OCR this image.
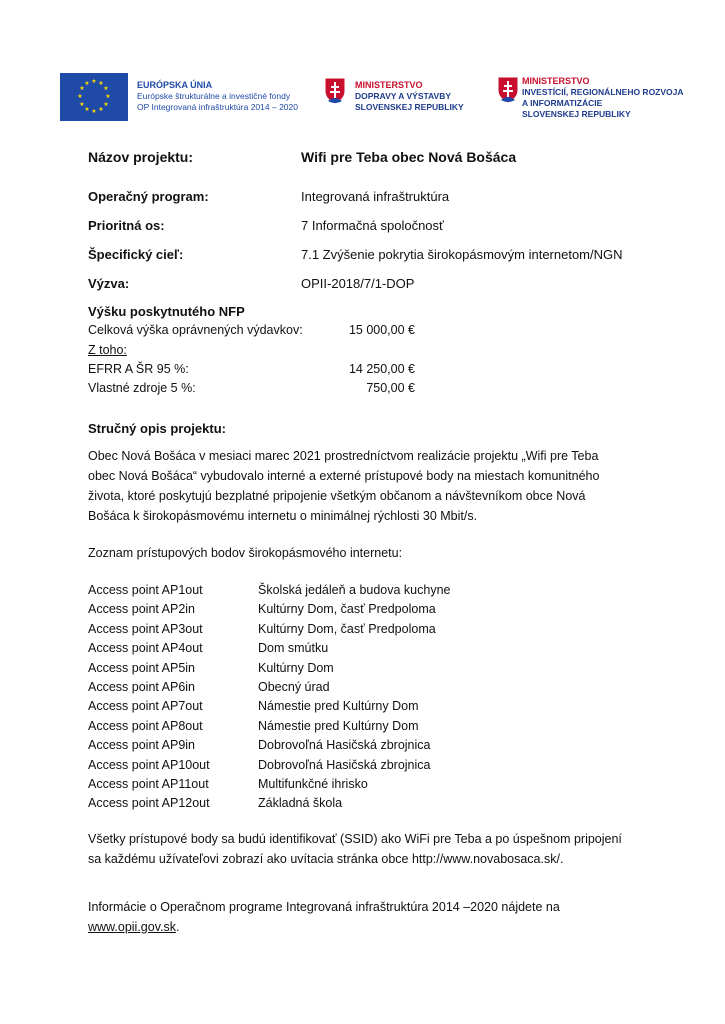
★ ★
★
★
★
★
★
★
★
★
★
★	EURÓPSKA ÚNIA
Európske štrukturálne a investičné fondy
OP Integrovaná infraštruktúra 2014 – 2020
MINISTERSTVO
DOPRAVY A VÝSTAVBY
SLOVENSKEJ REPUBLIKY
MINISTERSTVO
INVESTÍCIÍ, REGIONÁLNEHO ROZVOJA
A INFORMATIZÁCIE
SLOVENSKEJ REPUBLIKY
Názov projektu:	Wifi pre Teba obec Nová Bošáca
Operačný program:	Integrovaná infraštruktúra
Prioritná os:	7 Informačná spoločnosť
Špecifický cieľ:	7.1 Zvýšenie pokrytia širokopásmovým internetom/NGN
Výzva:	OPII-2018/7/1-DOP
Výšku poskytnutého NFP
Celková výška oprávnených výdavkov:	15 000,00 €
Z toho:
EFRR A ŠR 95 %:	14 250,00 €
Vlastné zdroje 5 %:	750,00 €
Stručný opis projektu:
Obec Nová Bošáca v mesiaci marec 2021 prostredníctvom realizácie projektu „Wifi pre Teba
obec Nová Bošáca“ vybudovalo interné a externé prístupové body na miestach komunitného
života, ktoré poskytujú bezplatné pripojenie všetkým občanom a návštevníkom obce Nová
Bošáca k širokopásmovému internetu o minimálnej rýchlosti 30 Mbit/s.
Zoznam prístupových bodov širokopásmového internetu:
Access point AP1out	Školská jedáleň a budova kuchyne
Access point AP2in	Kultúrny Dom, časť Predpoloma
Access point AP3out	Kultúrny Dom, časť Predpoloma
Access point AP4out	Dom smútku
Access point AP5in	Kultúrny Dom
Access point AP6in	Obecný úrad
Access point AP7out	Námestie pred Kultúrny Dom
Access point AP8out	Námestie pred Kultúrny Dom
Access point AP9in	Dobrovoľná Hasičská zbrojnica
Access point AP10out	Dobrovoľná Hasičská zbrojnica
Access point AP11out	Multifunkčné ihrisko
Access point AP12out	Základná škola
Všetky prístupové body sa budú identifikovať (SSID) ako WiFi pre Teba a po úspešnom pripojení
sa každému užívateľovi zobrazí ako uvítacia stránka obce http://www.novabosaca.sk/.
Informácie o Operačnom programe Integrovaná infraštruktúra 2014 –2020 nájdete na
www.opii.gov.sk.
